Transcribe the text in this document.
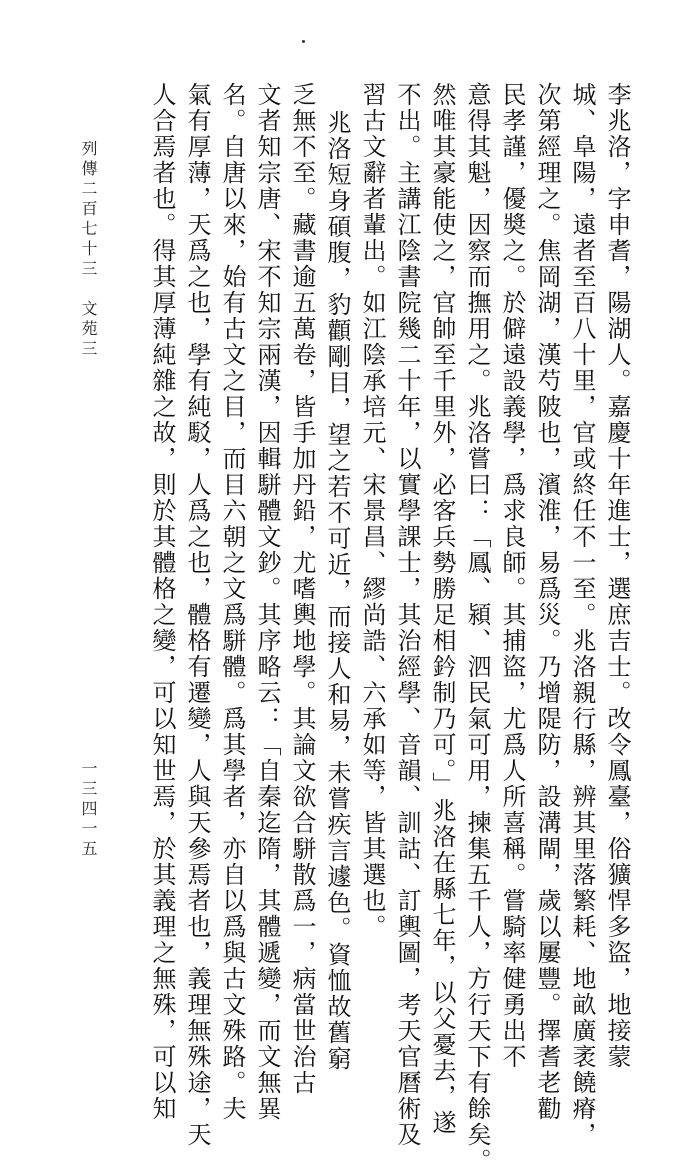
李兆洛，字申耆，陽湖人。嘉慶十年進士，選庶吉士。改令鳳臺，俗獷悍多盜，地接蒙
城、阜陽，遠者至百八十里，官或終任不一至。兆洛親行縣，辨其里落繁耗、地畝廣袤饒瘠，
次第經理之。焦岡湖，漢芍陂也，濱淮，易爲災。乃增隄防，設溝閘，歲以屢豐。擇耆老勸
民孝謹，優奬之。於僻遠設義學，爲求良師。其捕盜，尤爲人所喜稱。嘗騎率健勇出不
意得其魁，因察而撫用之。兆洛嘗曰：「鳳、潁、泗民氣可用，揀集五千人，方行天下有餘矣。
然唯其豪能使之，官帥至千里外，必客兵勢勝足相鈐制乃可。」兆洛在縣七年，以父憂去，遂
不出。主講江陰書院幾二十年，以實學課士，其治經學、音韻、訓詁、訂輿圖，考天官曆術及
習古文辭者輩出。如江陰承培元、宋景昌、繆尚誥、六承如等，皆其選也。
兆洛短身碩腹，豹顴剛目，望之若不可近，而接人和易，未嘗疾言遽色。資恤故舊窮
乏無不至。藏書逾五萬卷，皆手加丹鉛，尤嗜輿地學。其論文欲合駢散爲一，病當世治古
文者知宗唐、宋不知宗兩漢，因輯駢體文鈔。其序略云：「自秦迄隋，其體遞變，而文無異
名。自唐以來，始有古文之目，而目六朝之文爲駢體。爲其學者，亦自以爲與古文殊路。夫
氣有厚薄，天爲之也，學有純駁，人爲之也，體格有遷變，人與天參焉者也，義理無殊途，天
人合焉者也。得其厚薄純雜之故，則於其體格之變，可以知世焉，於其義理之無殊，可以知
列傳二百七十三　文苑三
一三四一五
